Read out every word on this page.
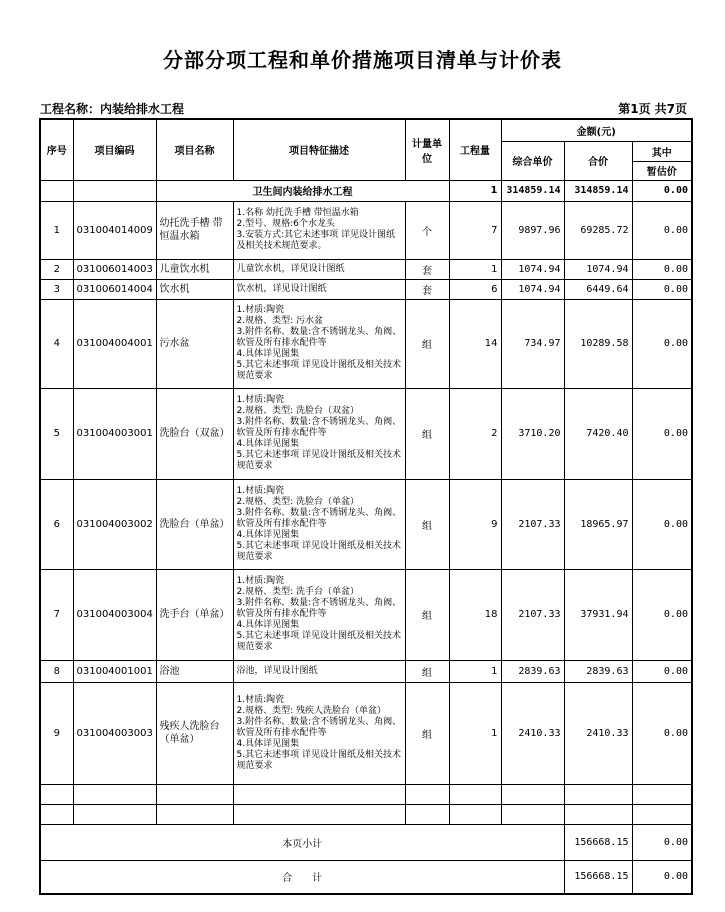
分部分项工程和单价措施项目清单与计价表
工程名称：内装给排水工程	第1页 共7页
序号	项目编码	项目名称	项目特征描述	计量单位	工程量	金额(元)		
						综合单价	合价	其中
								暂估价
		卫生间内装给排水工程			1	314859.14	314859.14	0.00
1	031004014009	幼托洗手槽 带恒温水箱	1.名称 幼托洗手槽 带恒温水箱
2.型号、规格:6个水龙头
3.安装方式:其它未述事项 详见设计图纸及相关技术规范要求。	个	7	9897.96	69285.72	0.00
2	031006014003	儿童饮水机	儿童饮水机，详见设计图纸	套	1	1074.94	1074.94	0.00
3	031006014004	饮水机	饮水机，详见设计图纸	套	6	1074.94	6449.64	0.00
4	031004004001	污水盆	1.材质:陶瓷
2.规格、类型: 污水盆
3.附件名称、数量:含不锈钢龙头、角阀、软管及所有排水配件等
4.具体详见图集
5.其它未述事项 详见设计图纸及相关技术规范要求	组	14	734.97	10289.58	0.00
5	031004003001	洗脸台（双盆）	1.材质:陶瓷
2.规格、类型: 洗脸台（双盆）
3.附件名称、数量:含不锈钢龙头、角阀、软管及所有排水配件等
4.具体详见图集
5.其它未述事项 详见设计图纸及相关技术规范要求	组	2	3710.20	7420.40	0.00
6	031004003002	洗脸台（单盆）	1.材质:陶瓷
2.规格、类型: 洗脸台（单盆）
3.附件名称、数量:含不锈钢龙头、角阀、软管及所有排水配件等
4.具体详见图集
5.其它未述事项 详见设计图纸及相关技术规范要求	组	9	2107.33	18965.97	0.00
7	031004003004	洗手台（单盆）	1.材质:陶瓷
2.规格、类型: 洗手台（单盆）
3.附件名称、数量:含不锈钢龙头、角阀、软管及所有排水配件等
4.具体详见图集
5.其它未述事项 详见设计图纸及相关技术规范要求	组	18	2107.33	37931.94	0.00
8	031004001001	浴池	浴池，详见设计图纸	组	1	2839.63	2839.63	0.00
9	031004003003	残疾人洗脸台（单盆）	1.材质:陶瓷
2.规格、类型: 残疾人洗脸台（单盆）
3.附件名称、数量:含不锈钢龙头、角阀、软管及所有排水配件等
4.具体详见图集
5.其它未述事项 详见设计图纸及相关技术规范要求	组	1	2410.33	2410.33	0.00

本页小计							156668.15	0.00
合　　计							156668.15	0.00
